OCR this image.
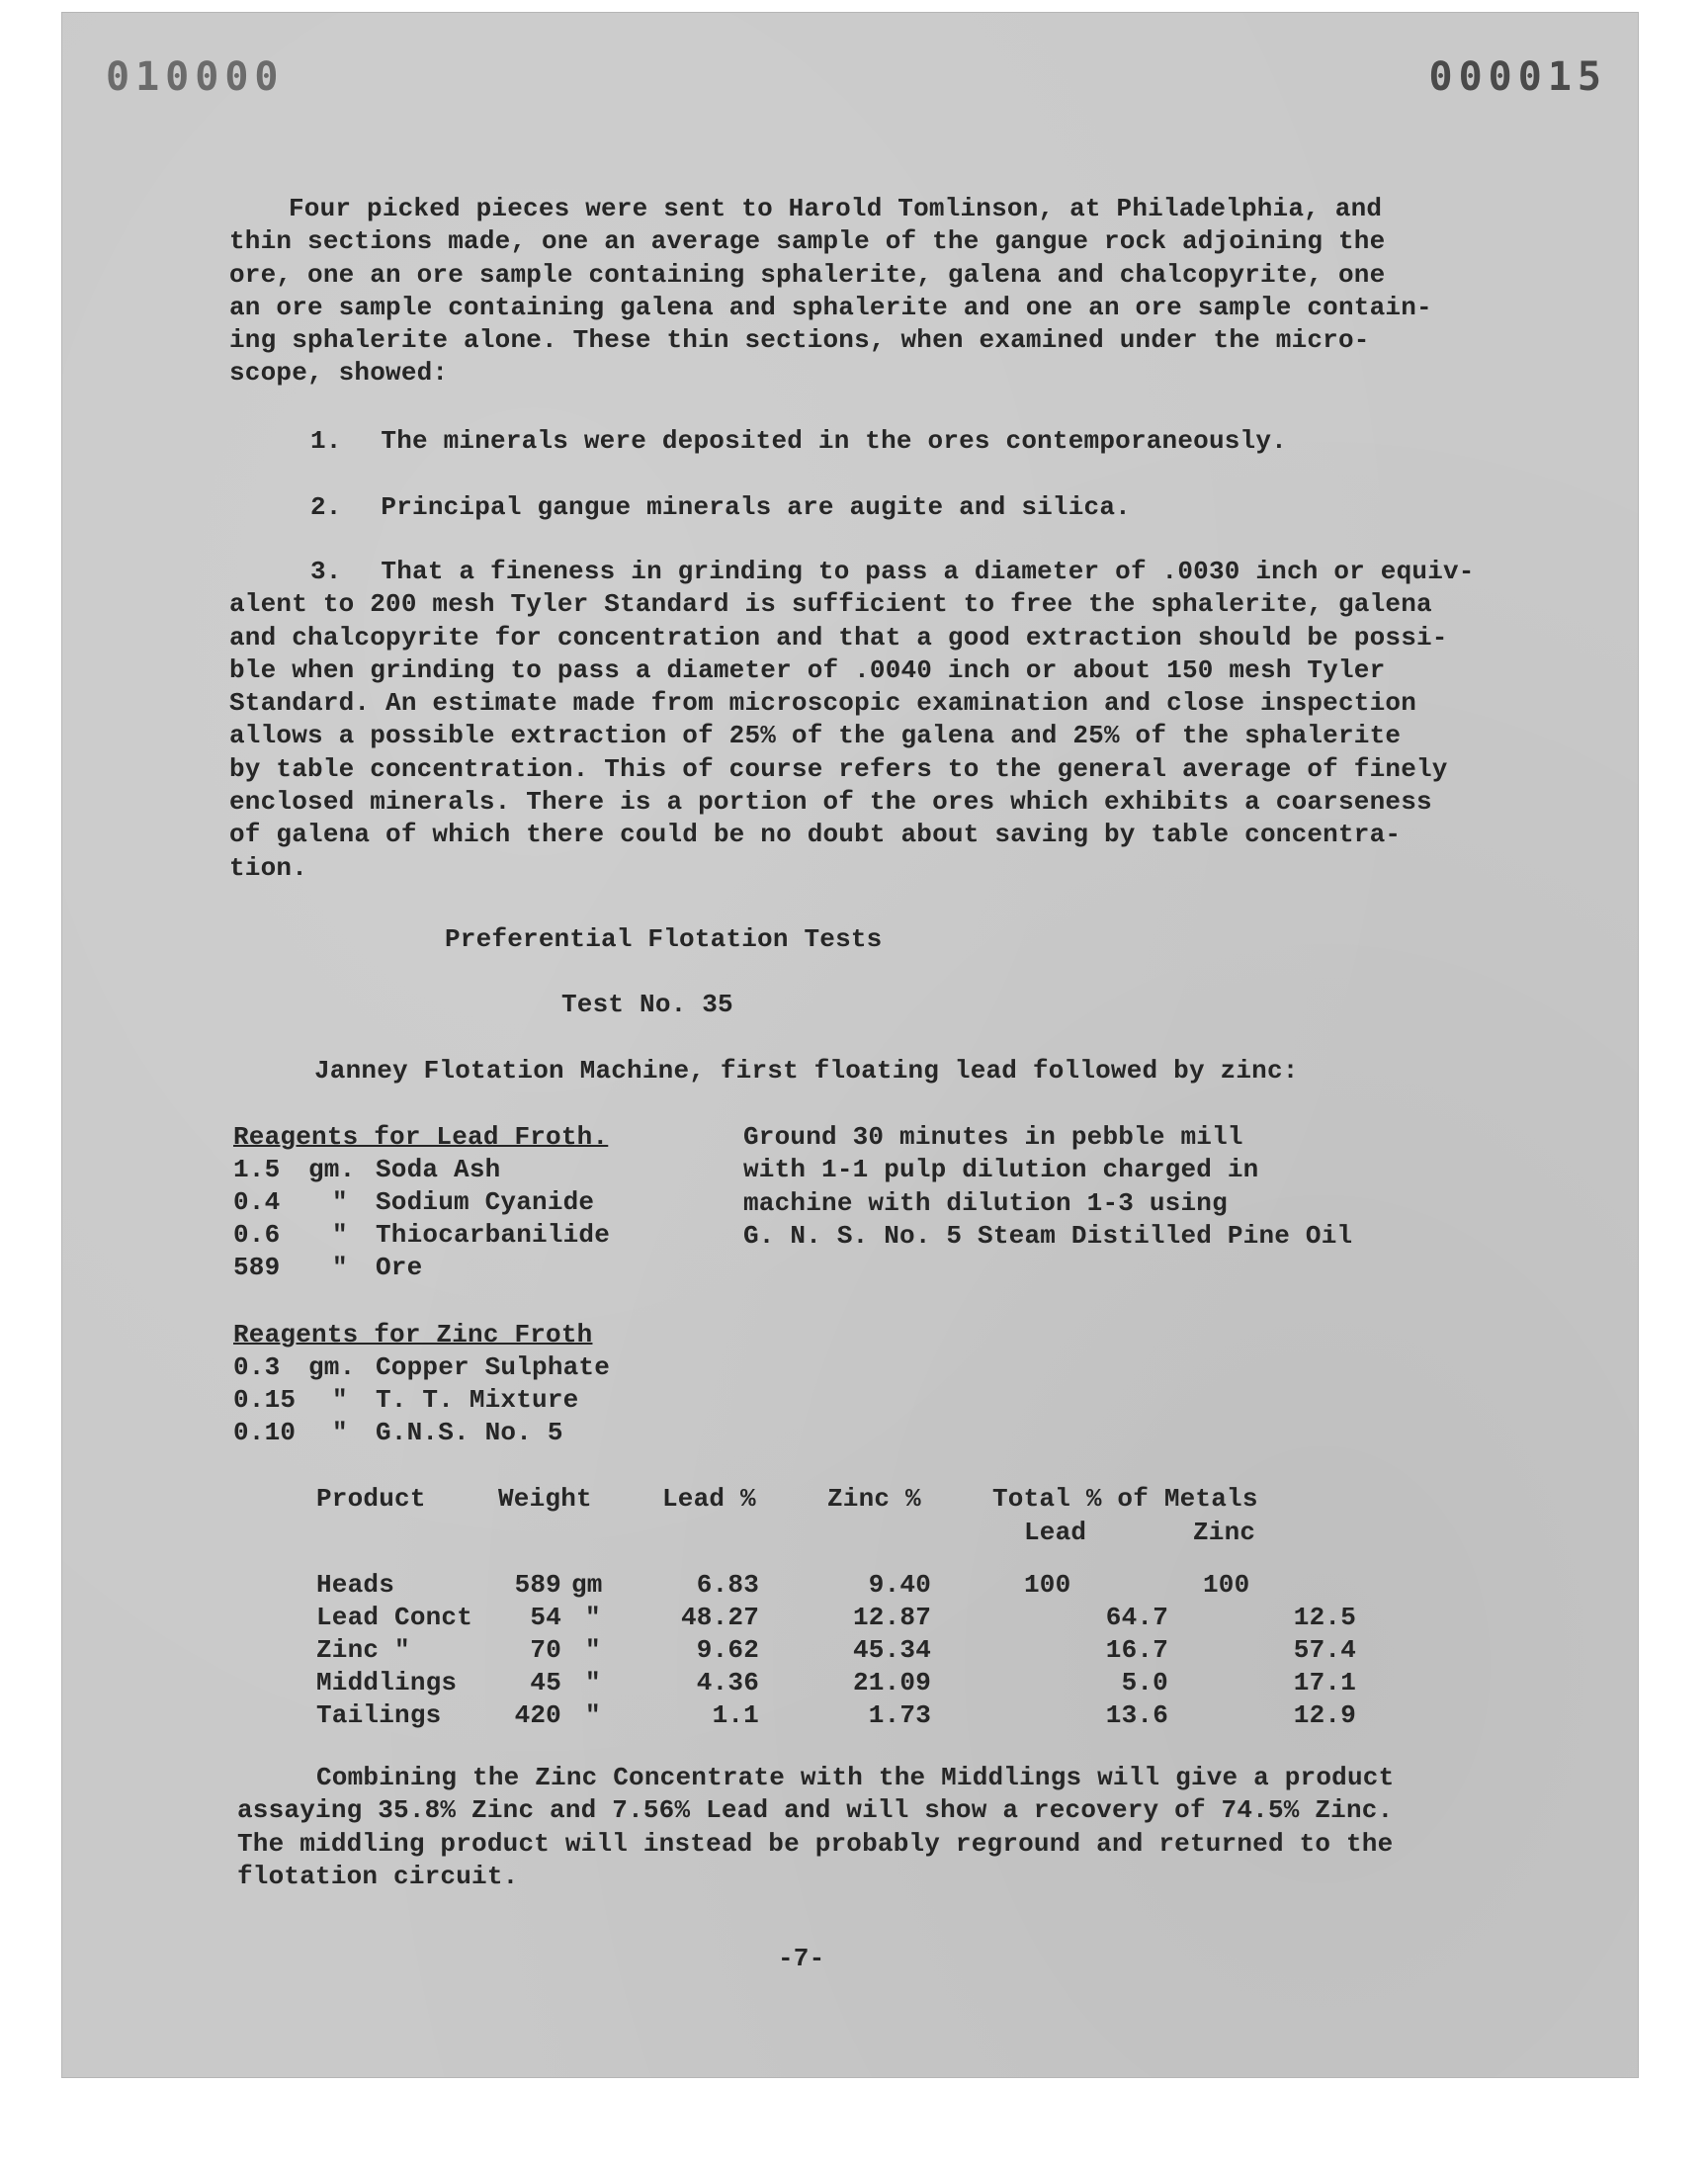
010000	000015
Four picked pieces were sent to Harold Tomlinson, at Philadelphia, and
thin sections made, one an average sample of the gangue rock adjoining the
ore, one an ore sample containing sphalerite, galena and chalcopyrite, one
an ore sample containing galena and sphalerite and one an ore sample contain-
ing sphalerite alone. These thin sections, when examined under the micro-
scope, showed:
1. The minerals were deposited in the ores contemporaneously.
2. Principal gangue minerals are augite and silica.
3. That a fineness in grinding to pass a diameter of .0030 inch or equiv-
alent to 200 mesh Tyler Standard is sufficient to free the sphalerite, galena
and chalcopyrite for concentration and that a good extraction should be possi-
ble when grinding to pass a diameter of .0040 inch or about 150 mesh Tyler
Standard. An estimate made from microscopic examination and close inspection
allows a possible extraction of 25% of the galena and 25% of the sphalerite
by table concentration. This of course refers to the general average of finely
enclosed minerals. There is a portion of the ores which exhibits a coarseness
of galena of which there could be no doubt about saving by table concentra-
tion.
Preferential Flotation Tests
Test No. 35
Janney Flotation Machine, first floating lead followed by zinc:
Reagents for Lead Froth.
1.5 gm. Soda Ash
0.4 " Sodium Cyanide
0.6 " Thiocarbanilide
589 " Ore
Ground 30 minutes in pebble mill
with 1-1 pulp dilution charged in
machine with dilution 1-3 using
G. N. S. No. 5 Steam Distilled Pine Oil
Reagents for Zinc Froth
0.3 gm. Copper Sulphate
0.15 " T. T. Mixture
0.10 " G.N.S. No. 5
Product	Weight	Lead %	Zinc %	Total % of Metals
Lead	Zinc
Heads	589 gm	6.83	9.40	100	100
Lead Conct	54 "	48.27	12.87	64.7	12.5
Zinc "	70 "	9.62	45.34	16.7	57.4
Middlings	45 "	4.36	21.09	5.0	17.1
Tailings	420 "	1.1	1.73	13.6	12.9
Combining the Zinc Concentrate with the Middlings will give a product
assaying 35.8% Zinc and 7.56% Lead and will show a recovery of 74.5% Zinc.
The middling product will instead be probably reground and returned to the
flotation circuit.
-7-
